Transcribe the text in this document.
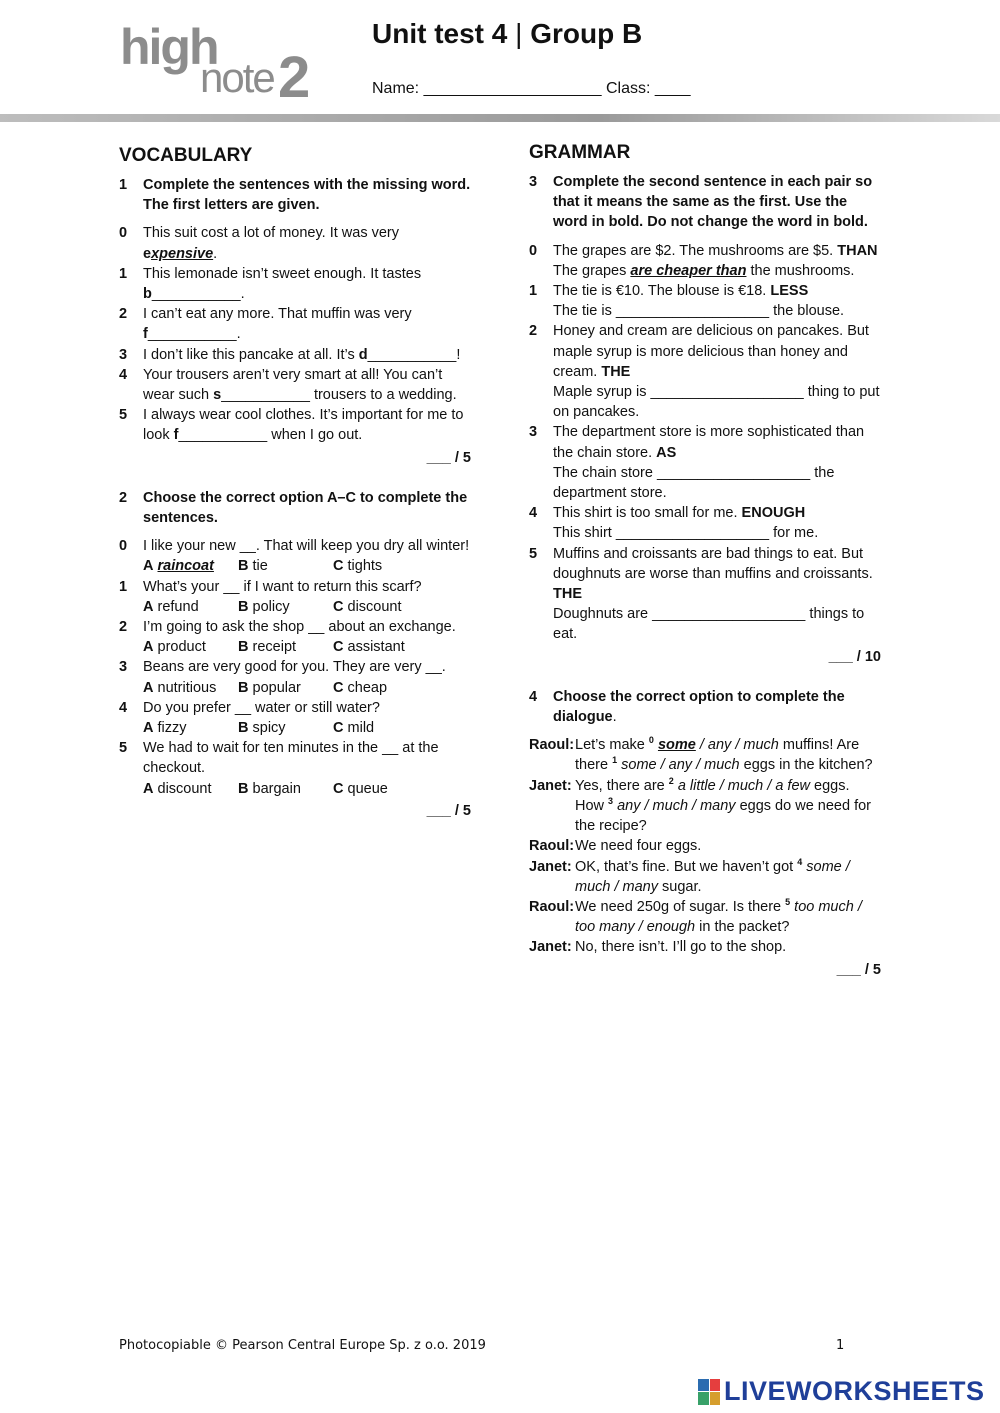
high
note 2
Unit test 4 | Group B
Name: ____________________ Class: ____
VOCABULARY
1	Complete the sentences with the missing word. The first letters are given.
0	This suit cost a lot of money. It was very expensive.
1	This lemonade isn’t sweet enough. It tastes b___________.
2	I can’t eat any more. That muffin was very f___________.
3	I don’t like this pancake at all. It’s d___________!
4	Your trousers aren’t very smart at all! You can’t wear such s___________ trousers to a wedding.
5	I always wear cool clothes. It’s important for me to look f___________ when I go out.
___ / 5
2	Choose the correct option A–C to complete the sentences.
0	I like your new __. That will keep you dry all winter!
A raincoat	B tie	C tights
1	What’s your __ if I want to return this scarf?
A refund	B policy	C discount
2	I’m going to ask the shop __ about an exchange.
A product	B receipt	C assistant
3	Beans are very good for you. They are very __.
A nutritious	B popular	C cheap
4	Do you prefer __ water or still water?
A fizzy	B spicy	C mild
5	We had to wait for ten minutes in the __ at the checkout.
A discount	B bargain	C queue
___ / 5
GRAMMAR
3	Complete the second sentence in each pair so that it means the same as the first. Use the word in bold. Do not change the word in bold.
0	The grapes are $2. The mushrooms are $5. THAN
The grapes are cheaper than the mushrooms.
1	The tie is €10. The blouse is €18. LESS
The tie is ___________________ the blouse.
2	Honey and cream are delicious on pancakes. But maple syrup is more delicious than honey and cream. THE
Maple syrup is ___________________ thing to put on pancakes.
3	The department store is more sophisticated than the chain store. AS
The chain store ___________________ the department store.
4	This shirt is too small for me. ENOUGH
This shirt ___________________ for me.
5	Muffins and croissants are bad things to eat. But doughnuts are worse than muffins and croissants. THE
Doughnuts are ___________________ things to eat.
___ / 10
4	Choose the correct option to complete the dialogue.
Raoul: Let’s make $^0$ some / any / much muffins! Are there $^1$ some / any / much eggs in the kitchen?
Janet: Yes, there are $^2$ a little / much / a few eggs. How $^3$ any / much / many eggs do we need for the recipe?
Raoul: We need four eggs.
Janet: OK, that’s fine. But we haven’t got $^4$ some / much / many sugar.
Raoul: We need 250g of sugar. Is there $^5$ too much / too many / enough in the packet?
Janet: No, there isn’t. I’ll go to the shop.
___ / 5
Photocopiable © Pearson Central Europe Sp. z o.o. 2019	1
LIVEWORKSHEETS
